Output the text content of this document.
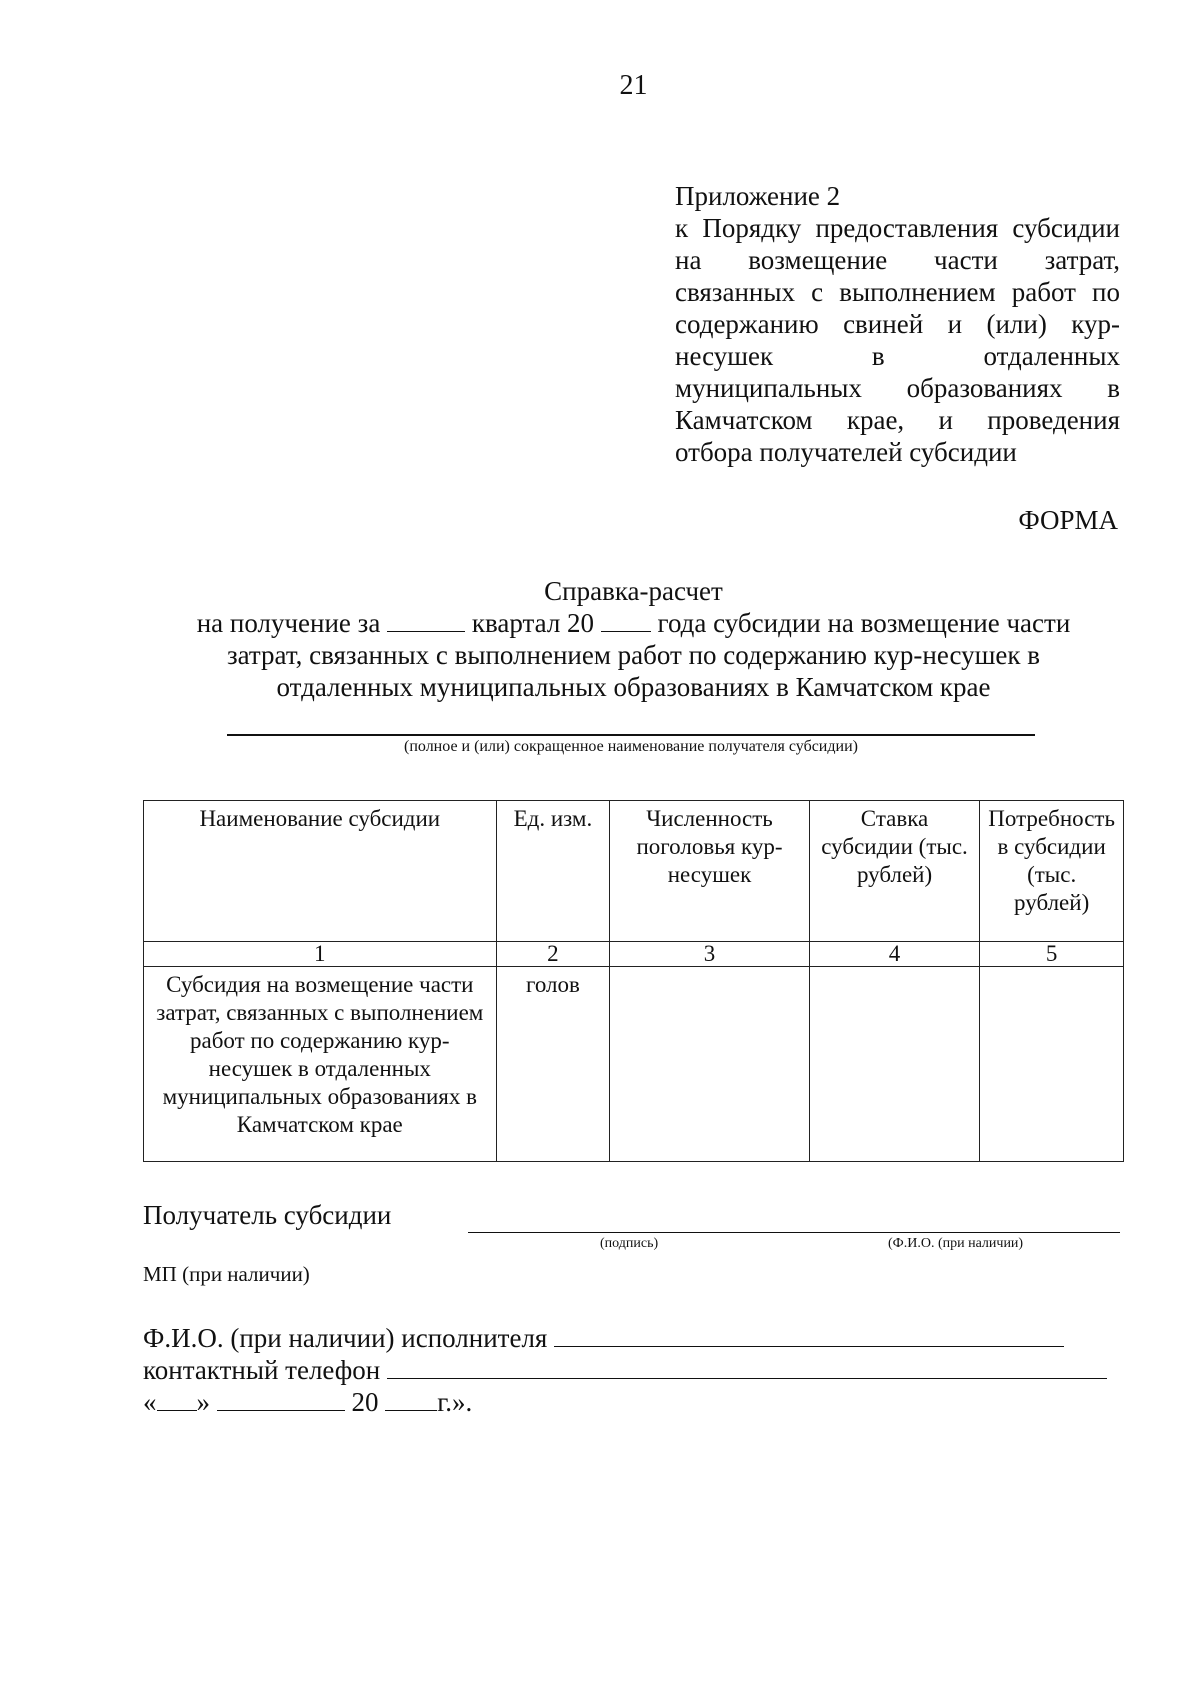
21
Приложение 2
к Порядку предоставления субсидии на возмещение части затрат, связанных с выполнением работ по содержанию свиней и (или) кур-несушек в отдаленных муниципальных образованиях в Камчатском крае, и проведения отбора получателей субсидии
ФОРМА
Справка-расчет
на получение за	квартал 20 года субсидии на возмещение части
затрат, связанных с выполнением работ по содержанию кур-несушек в
отдаленных муниципальных образованиях в Камчатском крае
(полное и (или) сокращенное наименование получателя субсидии)
Наименование субсидии	Ед. изм.	Численность поголовья кур-несушек	Ставка субсидии (тыс. рублей)	Потребность в субсидии (тыс. рублей)
1	2	3	4	5
Субсидия на возмещение части затрат, связанных с выполнением работ по содержанию кур-несушек в отдаленных муниципальных образованиях в Камчатском крае	голов			
Получатель субсидии
(подпись)	(Ф.И.О. (при наличии)
МП (при наличии)
Ф.И.О. (при наличии) исполнителя
контактный телефон
« »	20 г.».
